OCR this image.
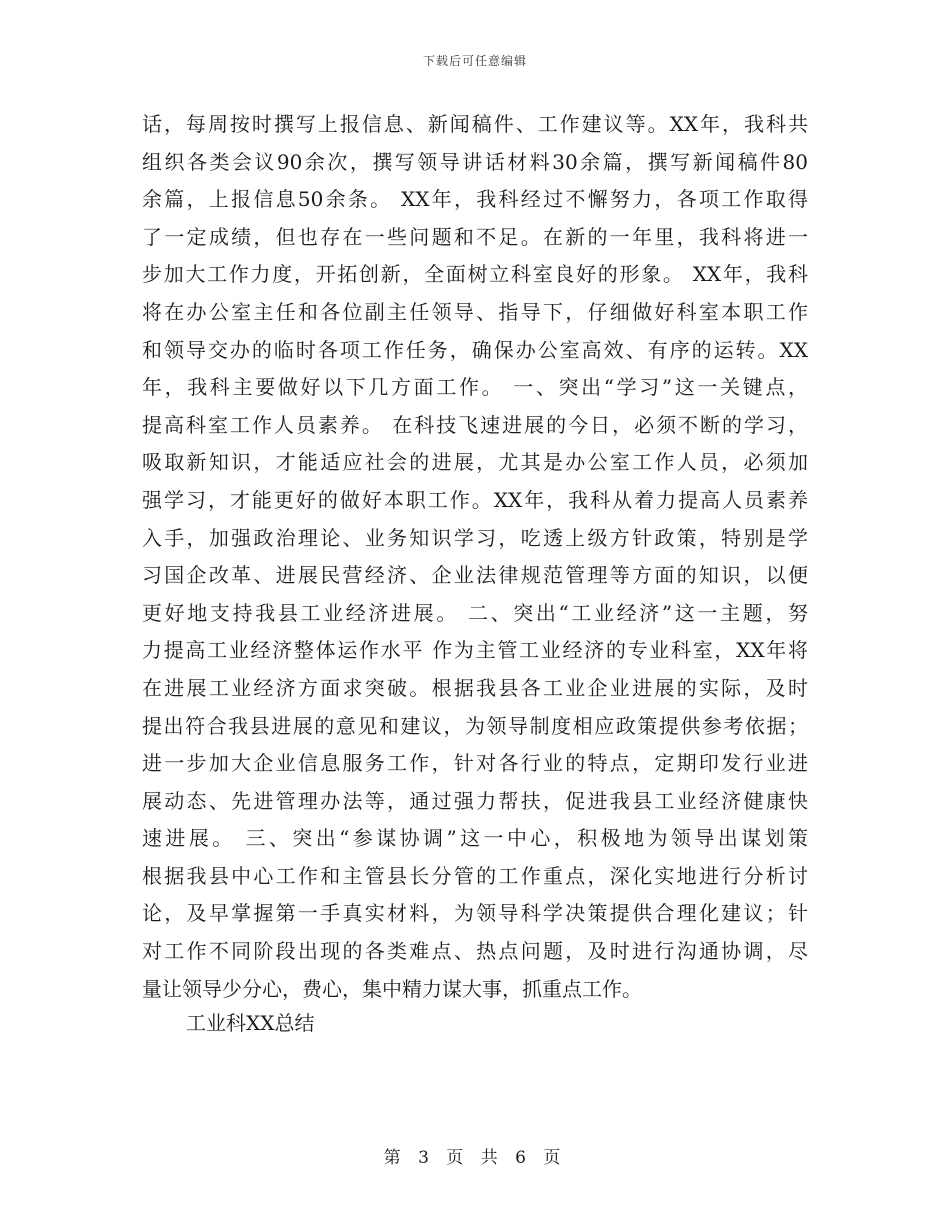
下载后可任意编辑
话，每周按时撰写上报信息、新闻稿件、工作建议等。XX年，我科共
组织各类会议90余次，撰写领导讲话材料30余篇，撰写新闻稿件80
余篇，上报信息50余条。 XX年，我科经过不懈努力，各项工作取得
了一定成绩，但也存在一些问题和不足。在新的一年里，我科将进一
步加大工作力度，开拓创新，全面树立科室良好的形象。 XX年，我科
将在办公室主任和各位副主任领导、指导下，仔细做好科室本职工作
和领导交办的临时各项工作任务，确保办公室高效、有序的运转。XX
年，我科主要做好以下几方面工作。 一、突出“学习”这一关键点，
提高科室工作人员素养。 在科技飞速进展的今日，必须不断的学习，
吸取新知识，才能适应社会的进展，尤其是办公室工作人员，必须加
强学习，才能更好的做好本职工作。XX年，我科从着力提高人员素养
入手，加强政治理论、业务知识学习，吃透上级方针政策，特别是学
习国企改革、进展民营经济、企业法律规范管理等方面的知识，以便
更好地支持我县工业经济进展。 二、突出“工业经济”这一主题，努
力提高工业经济整体运作水平 作为主管工业经济的专业科室，XX年将
在进展工业经济方面求突破。根据我县各工业企业进展的实际，及时
提出符合我县进展的意见和建议，为领导制度相应政策提供参考依据；
进一步加大企业信息服务工作，针对各行业的特点，定期印发行业进
展动态、先进管理办法等，通过强力帮扶，促进我县工业经济健康快
速进展。 三、突出“参谋协调”这一中心，积极地为领导出谋划策
根据我县中心工作和主管县长分管的工作重点，深化实地进行分析讨
论，及早掌握第一手真实材料，为领导科学决策提供合理化建议；针
对工作不同阶段出现的各类难点、热点问题，及时进行沟通协调，尽
量让领导少分心，费心，集中精力谋大事，抓重点工作。
工业科XX总结
第 3 页 共 6 页
